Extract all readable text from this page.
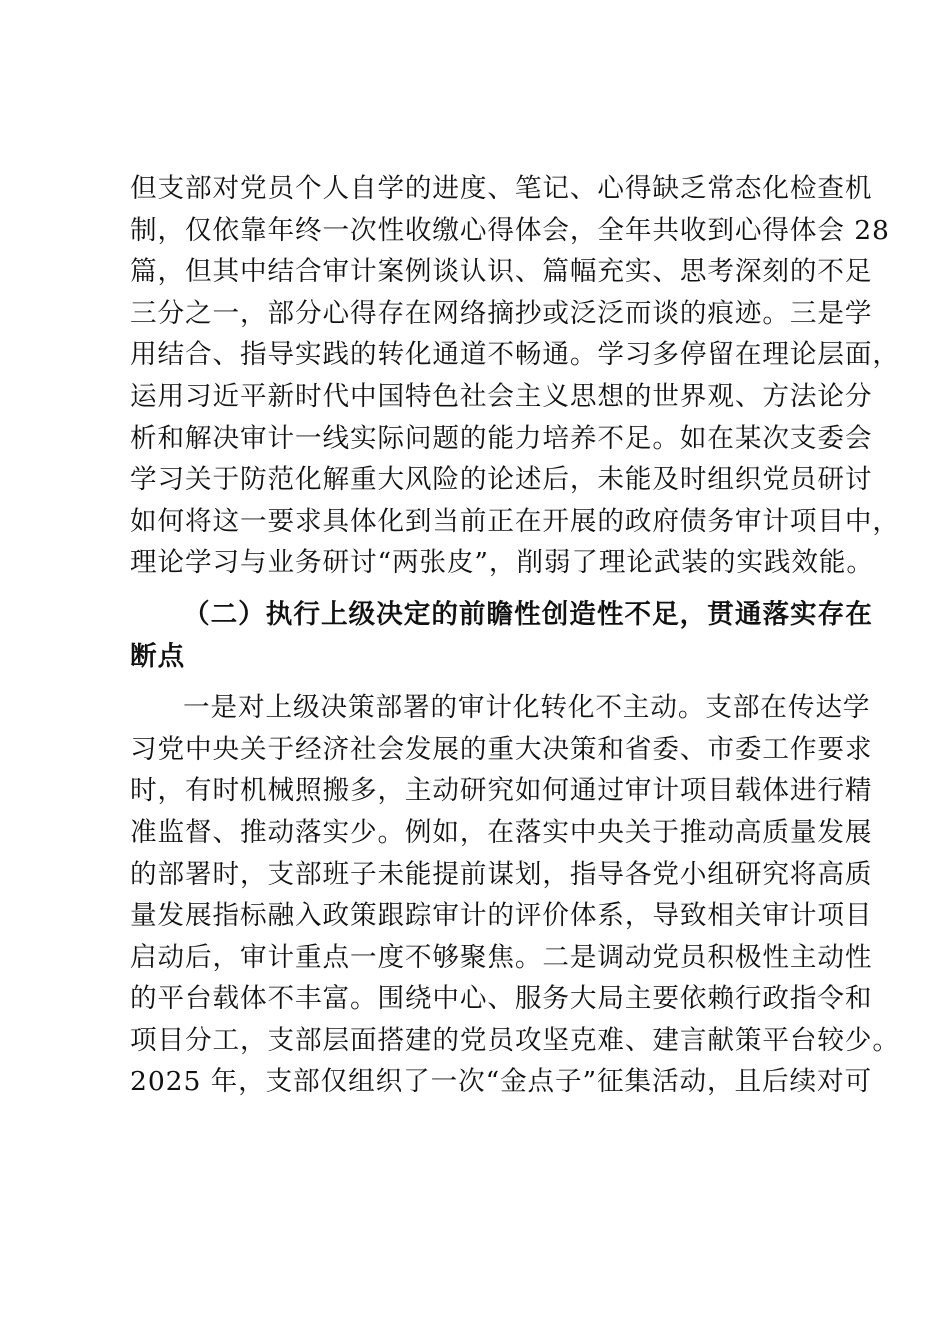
但支部对党员个人自学的进度、笔记、心得缺乏常态化检查机
制，仅依靠年终一次性收缴心得体会，全年共收到心得体会 28
篇，但其中结合审计案例谈认识、篇幅充实、思考深刻的不足
三分之一，部分心得存在网络摘抄或泛泛而谈的痕迹。三是学
用结合、指导实践的转化通道不畅通。学习多停留在理论层面，
运用习近平新时代中国特色社会主义思想的世界观、方法论分
析和解决审计一线实际问题的能力培养不足。如在某次支委会
学习关于防范化解重大风险的论述后，未能及时组织党员研讨
如何将这一要求具体化到当前正在开展的政府债务审计项目中，
理论学习与业务研讨“两张皮”，削弱了理论武装的实践效能。

（二）执行上级决定的前瞻性创造性不足，贯通落实存在
断点

一是对上级决策部署的审计化转化不主动。支部在传达学
习党中央关于经济社会发展的重大决策和省委、市委工作要求
时，有时机械照搬多，主动研究如何通过审计项目载体进行精
准监督、推动落实少。例如，在落实中央关于推动高质量发展
的部署时，支部班子未能提前谋划，指导各党小组研究将高质
量发展指标融入政策跟踪审计的评价体系，导致相关审计项目
启动后，审计重点一度不够聚焦。二是调动党员积极性主动性
的平台载体不丰富。围绕中心、服务大局主要依赖行政指令和
项目分工，支部层面搭建的党员攻坚克难、建言献策平台较少。
2025 年，支部仅组织了一次“金点子”征集活动，且后续对可
